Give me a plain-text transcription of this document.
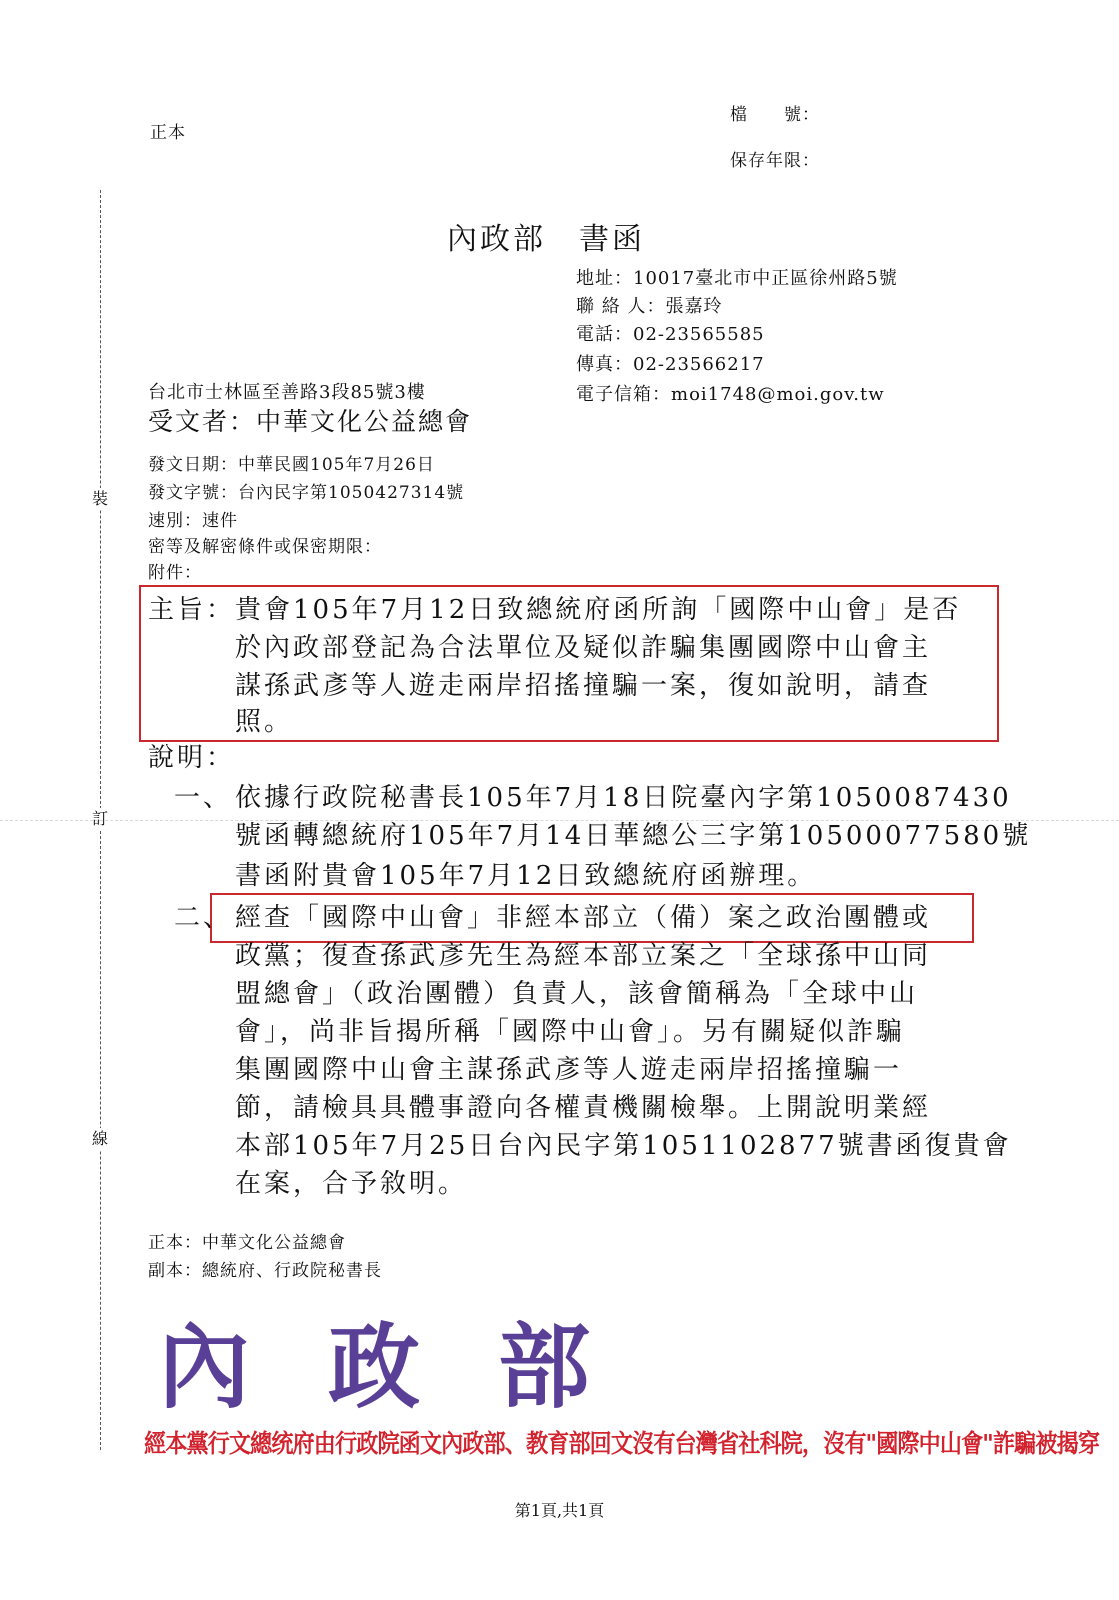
裝
訂
線
正本
檔　　號：
保存年限：
內政部　書函
地址：10017臺北市中正區徐州路5號
聯 絡 人：張嘉玲
電話：02-23565585
傳真：02-23566217
電子信箱：moi1748@moi.gov.tw
台北市士林區至善路3段85號3樓
受文者：中華文化公益總會
發文日期：中華民國105年7月26日
發文字號：台內民字第1050427314號
速別：速件
密等及解密條件或保密期限：
附件：
主旨： 貴會105年7月12日致總統府函所詢「國際中山會」是否
於內政部登記為合法單位及疑似詐騙集團國際中山會主
謀孫武彥等人遊走兩岸招搖撞騙一案，復如說明，請查
照。
說明：
一、 依據行政院秘書長105年7月18日院臺內字第1050087430
號函轉總統府105年7月14日華總公三字第10500077580號
書函附貴會105年7月12日致總統府函辦理。
二、 經查「國際中山會」非經本部立（備）案之政治團體或
政黨；復查孫武彥先生為經本部立案之「全球孫中山同
盟總會」（政治團體）負責人，該會簡稱為「全球中山
會」，尚非旨揭所稱「國際中山會」。另有關疑似詐騙
集團國際中山會主謀孫武彥等人遊走兩岸招搖撞騙一
節，請檢具具體事證向各權責機關檢舉。上開說明業經
本部105年7月25日台內民字第1051102877號書函復貴會
在案，合予敘明。
正本：中華文化公益總會
副本：總統府、行政院秘書長
內政部
經本黨行文總统府由行政院函文內政部、教育部回文沒有台灣省社科院，沒有"國際中山會"詐騙被揭穿
第1頁,共1頁
